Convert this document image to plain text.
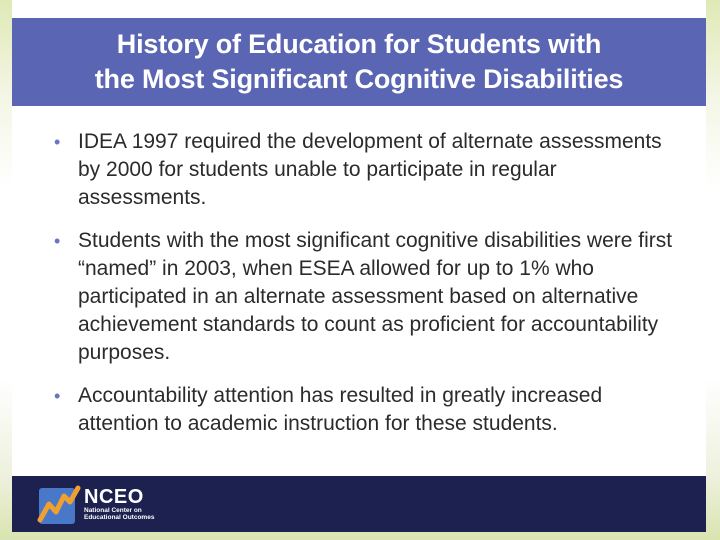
History of Education for Students with
the Most Significant Cognitive Disabilities
• IDEA 1997 required the development of alternate assessments by 2000 for students unable to participate in regular assessments.
• Students with the most significant cognitive disabilities were first “named” in 2003, when ESEA allowed for up to 1% who participated in an alternate assessment based on alternative achievement standards to count as proficient for accountability purposes.
• Accountability attention has resulted in greatly increased attention to academic instruction for these students.
NCEO
National Center on
Educational Outcomes
